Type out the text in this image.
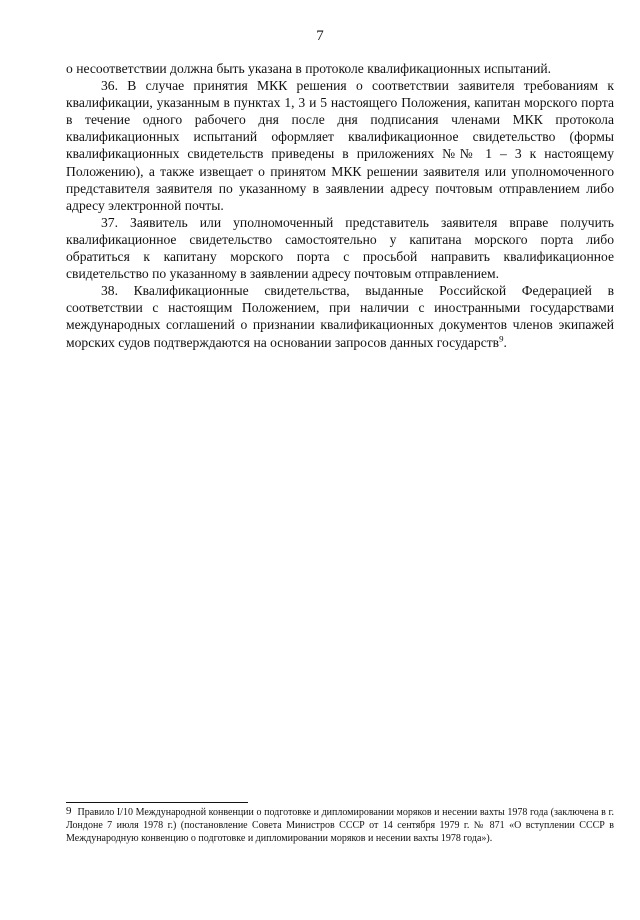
7

о несоответствии должна быть указана в протоколе квалификационных испытаний.

36. В случае принятия МКК решения о соответствии заявителя требованиям к квалификации, указанным в пунктах 1, 3 и 5 настоящего Положения, капитан морского порта в течение одного рабочего дня после дня подписания членами МКК протокола квалификационных испытаний оформляет квалификационное свидетельство (формы квалификационных свидетельств приведены в приложениях №№ 1 – 3 к настоящему Положению), а также извещает о принятом МКК решении заявителя или уполномоченного представителя заявителя по указанному в заявлении адресу почтовым отправлением либо адресу электронной почты.

37. Заявитель или уполномоченный представитель заявителя вправе получить квалификационное свидетельство самостоятельно у капитана морского порта либо обратиться к капитану морского порта с просьбой направить квалификационное свидетельство по указанному в заявлении адресу почтовым отправлением.

38. Квалификационные свидетельства, выданные Российской Федерацией в соответствии с настоящим Положением, при наличии с иностранными государствами международных соглашений о признании квалификационных документов членов экипажей морских судов подтверждаются на основании запросов данных государств$^9$.

9 Правило I/10 Международной конвенции о подготовке и дипломировании моряков и несении вахты 1978 года (заключена в г. Лондоне 7 июля 1978 г.) (постановление Совета Министров СССР от 14 сентября 1979 г. № 871 «О вступлении СССР в Международную конвенцию о подготовке и дипломировании моряков и несении вахты 1978 года»).
